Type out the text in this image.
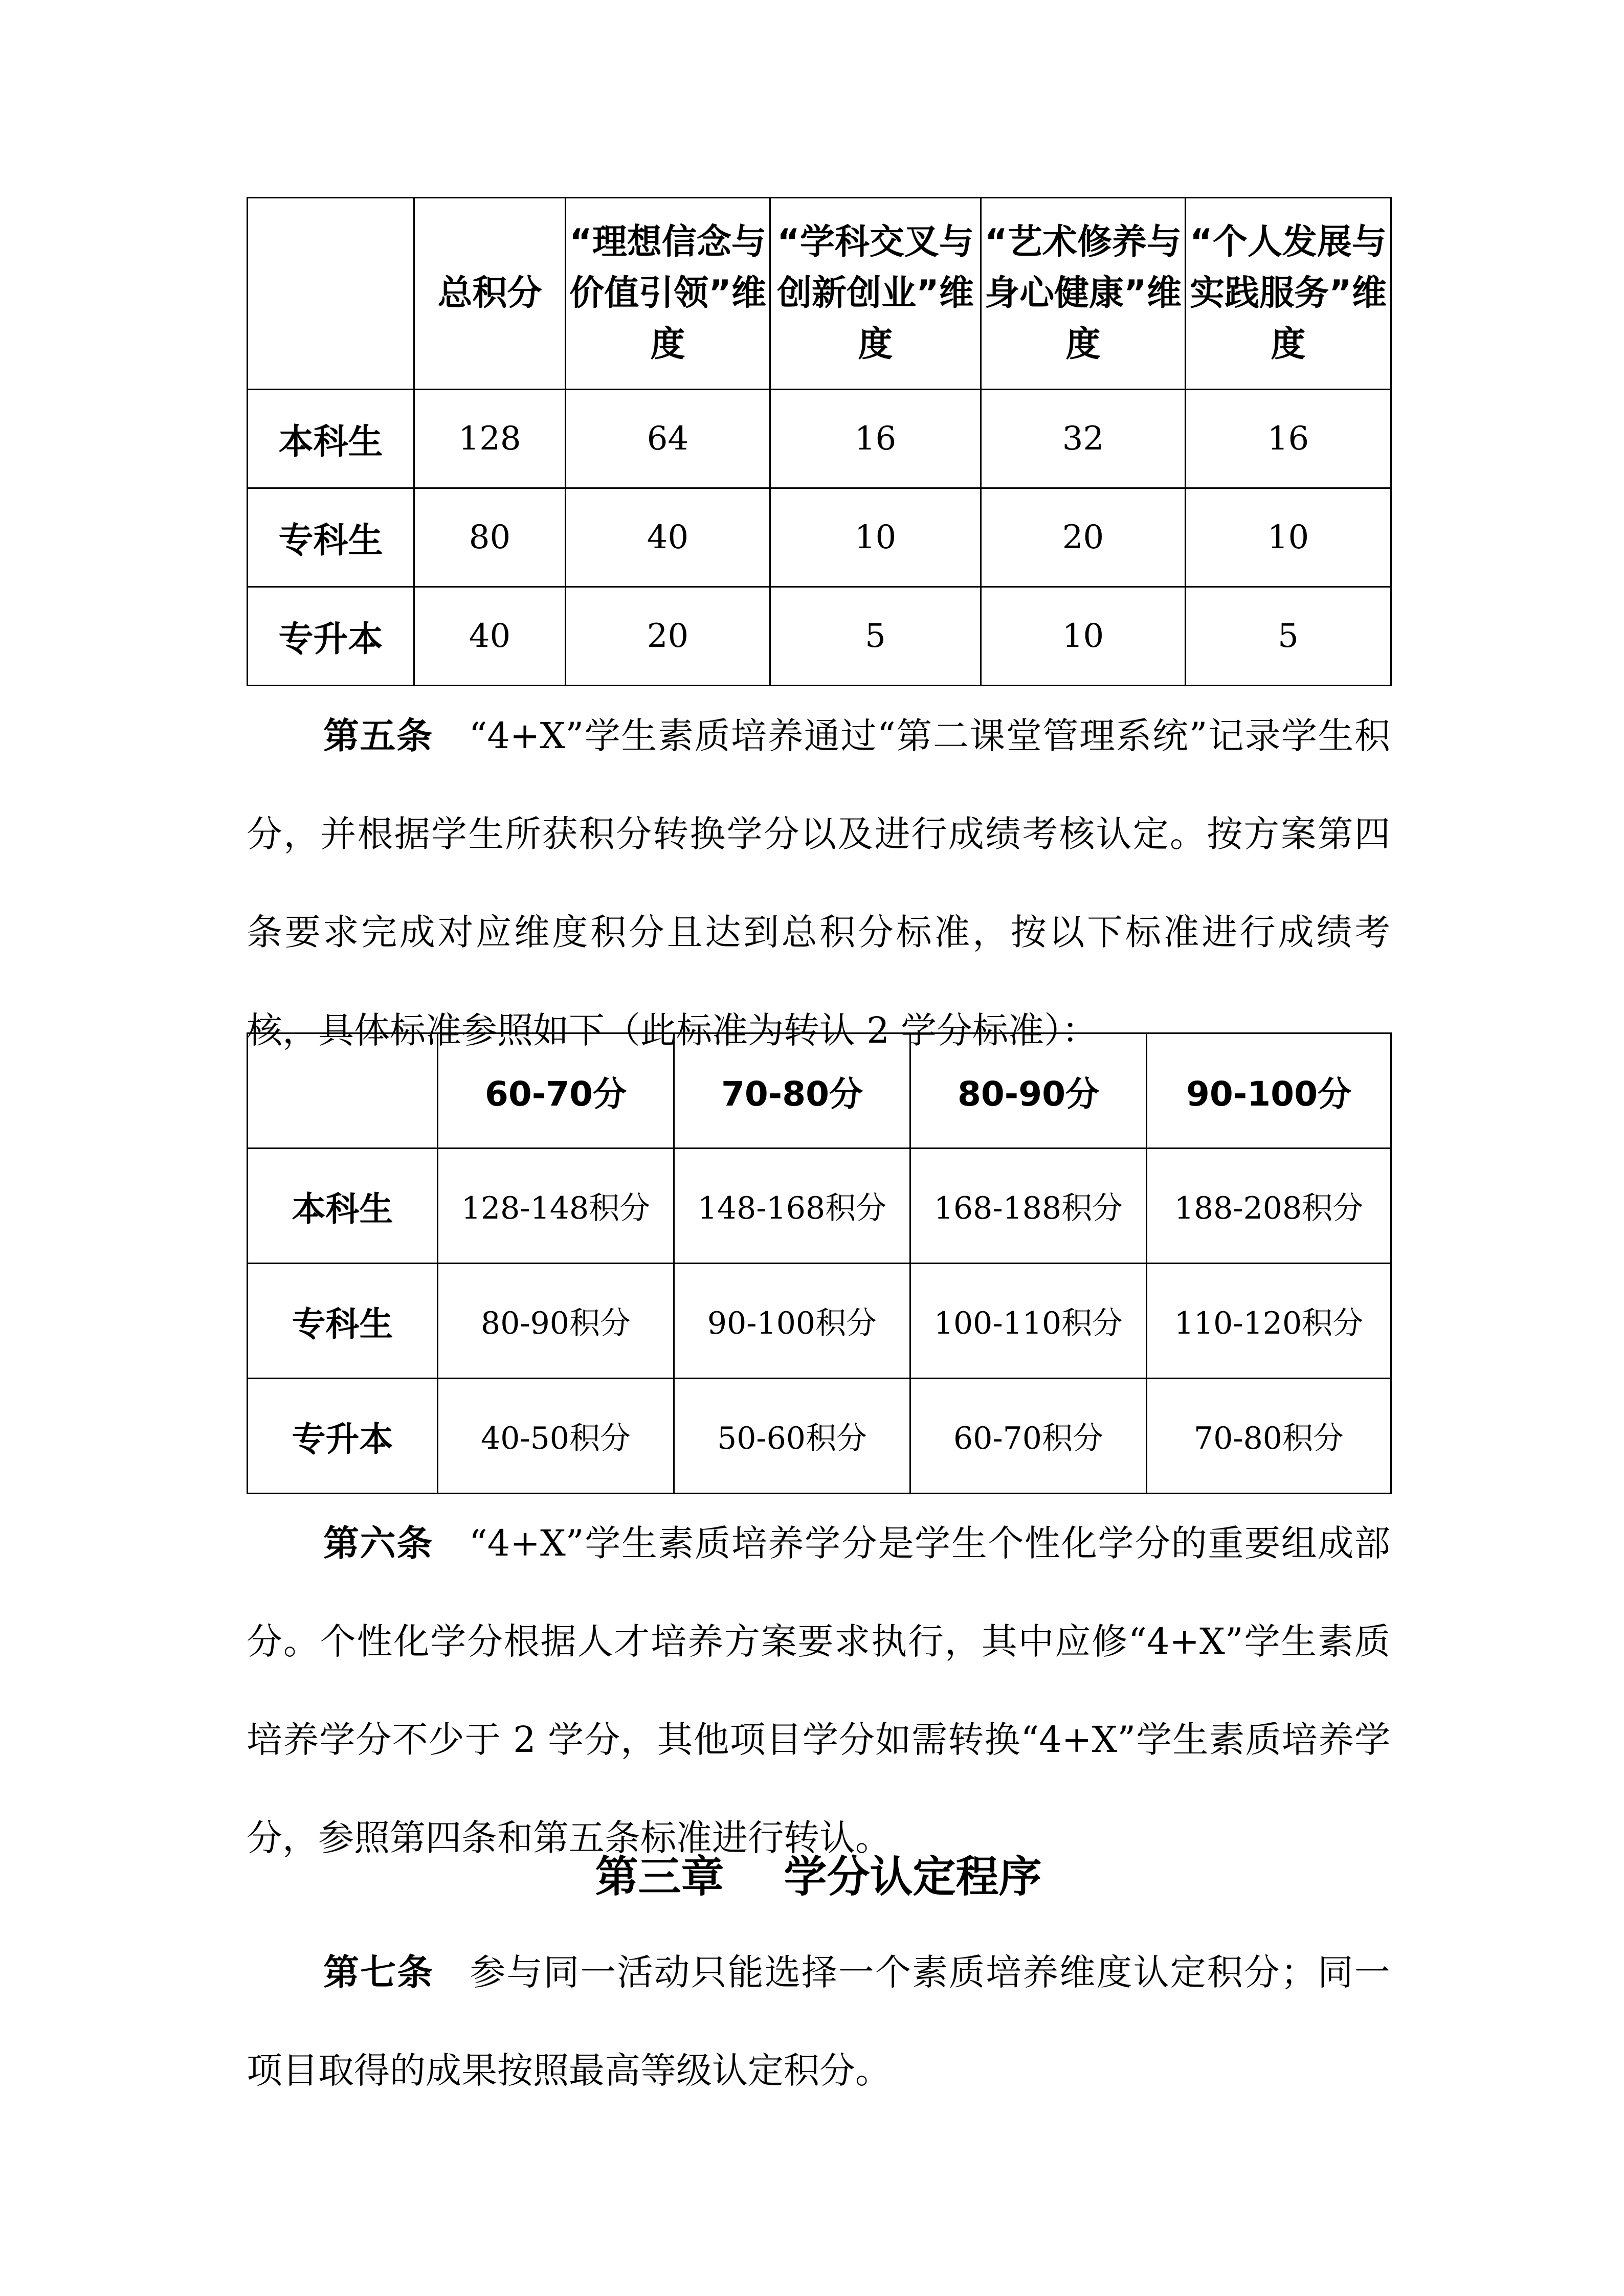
	总积分	“理想信念与价值引领”维度	“学科交叉与创新创业”维度	“艺术修养与身心健康”维度	“个人发展与实践服务”维度
本科生	128	64	16	32	16
专科生	80	40	10	20	10
专升本	40	20	5	10	5

第五条 “4+X”学生素质培养通过“第二课堂管理系统”记录学生积分，并根据学生所获积分转换学分以及进行成绩考核认定。按方案第四条要求完成对应维度积分且达到总积分标准，按以下标准进行成绩考核，具体标准参照如下（此标准为转认 2 学分标准）：

	60-70分	70-80分	80-90分	90-100分
本科生	128-148积分	148-168积分	168-188积分	188-208积分
专科生	80-90积分	90-100积分	100-110积分	110-120积分
专升本	40-50积分	50-60积分	60-70积分	70-80积分

第六条 “4+X”学生素质培养学分是学生个性化学分的重要组成部分。个性化学分根据人才培养方案要求执行，其中应修“4+X”学生素质培养学分不少于 2 学分，其他项目学分如需转换“4+X”学生素质培养学分，参照第四条和第五条标准进行转认。

第三章    学分认定程序

第七条 参与同一活动只能选择一个素质培养维度认定积分；同一项目取得的成果按照最高等级认定积分。
